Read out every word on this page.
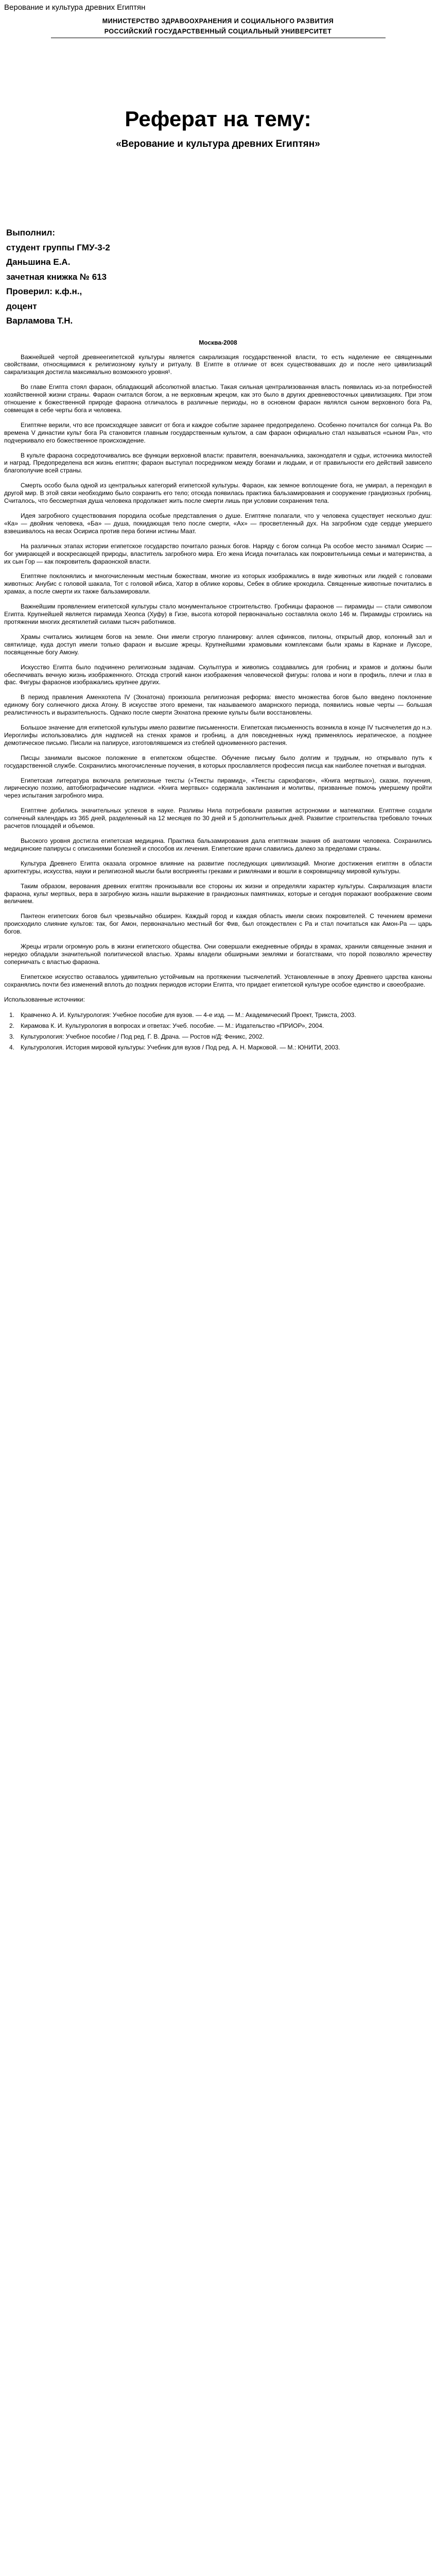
Верование и культура древних Египтян

МИНИСТЕРСТВО ЗДРАВООХРАНЕНИЯ И СОЦИАЛЬНОГО РАЗВИТИЯ
РОССИЙСКИЙ ГОСУДАРСТВЕННЫЙ СОЦИАЛЬНЫЙ УНИВЕРСИТЕТ
Реферат на тему:
«Верование и культура древних Египтян»
Выполнил:
студент группы ГМУ-3-2
Даньшина Е.А.
зачетная книжка № 613
Проверил: к.ф.н.,
доцент
Варламова Т.Н.
Москва-2008

Важнейшей чертой древнеегипетской культуры является сакрализация государственной власти, то есть наделение ее священными свойствами, относящимися к религиозному культу и ритуалу. В Египте в отличие от всех существовавших до и после него цивилизаций сакрализация достигла максимально возможного уровня¹.

Во главе Египта стоял фараон, обладающий абсолютной властью. Такая сильная централизованная власть появилась из-за потребностей хозяйственной жизни страны. Фараон считался богом, а не верховным жрецом, как это было в других древневосточных цивилизациях. При этом отношение к божественной природе фараона отличалось в различные периоды, но в основном фараон являлся сыном верховного бога Ра, совмещая в себе черты бога и человека.

Египтяне верили, что все происходящее зависит от бога и каждое событие заранее предопределено. Особенно почитался бог солнца Ра. Во времена V династии культ бога Ра становится главным государственным культом, а сам фараон официально стал называться «сыном Ра», что подчеркивало его божественное происхождение.

В культе фараона сосредоточивались все функции верховной власти: правителя, военачальника, законодателя и судьи, источника милостей и наград. Предопределена вся жизнь египтян; фараон выступал посредником между богами и людьми, и от правильности его действий зависело благополучие всей страны.

Смерть особо была одной из центральных категорий египетской культуры. Фараон, как земное воплощение бога, не умирал, а переходил в другой мир. В этой связи необходимо было сохранить его тело; отсюда появилась практика бальзамирования и сооружение грандиозных гробниц. Считалось, что бессмертная душа человека продолжает жить после смерти лишь при условии сохранения тела.

Идея загробного существования породила особые представления о душе. Египтяне полагали, что у человека существует несколько душ: «Ка» — двойник человека, «Ба» — душа, покидающая тело после смерти, «Ах» — просветленный дух. На загробном суде сердце умершего взвешивалось на весах Осириса против пера богини истины Маат.

На различных этапах истории египетское государство почитало разных богов. Наряду с богом солнца Ра особое место занимал Осирис — бог умирающей и воскресающей природы, властитель загробного мира. Его жена Исида почиталась как покровительница семьи и материнства, а их сын Гор — как покровитель фараонской власти.

Египтяне поклонялись и многочисленным местным божествам, многие из которых изображались в виде животных или людей с головами животных: Анубис с головой шакала, Тот с головой ибиса, Хатор в облике коровы, Себек в облике крокодила. Священные животные почитались в храмах, а после смерти их также бальзамировали.

Важнейшим проявлением египетской культуры стало монументальное строительство. Гробницы фараонов — пирамиды — стали символом Египта. Крупнейшей является пирамида Хеопса (Хуфу) в Гизе, высота которой первоначально составляла около 146 м. Пирамиды строились на протяжении многих десятилетий силами тысяч работников.

Храмы считались жилищем богов на земле. Они имели строгую планировку: аллея сфинксов, пилоны, открытый двор, колонный зал и святилище, куда доступ имели только фараон и высшие жрецы. Крупнейшими храмовыми комплексами были храмы в Карнаке и Луксоре, посвященные богу Амону.

Искусство Египта было подчинено религиозным задачам. Скульптура и живопись создавались для гробниц и храмов и должны были обеспечивать вечную жизнь изображенного. Отсюда строгий канон изображения человеческой фигуры: голова и ноги в профиль, плечи и глаз в фас. Фигуры фараонов изображались крупнее других.

В период правления Аменхотепа IV (Эхнатона) произошла религиозная реформа: вместо множества богов было введено поклонение единому богу солнечного диска Атону. В искусстве этого времени, так называемого амарнского периода, появились новые черты — большая реалистичность и выразительность. Однако после смерти Эхнатона прежние культы были восстановлены.

Большое значение для египетской культуры имело развитие письменности. Египетская письменность возникла в конце IV тысячелетия до н.э. Иероглифы использовались для надписей на стенах храмов и гробниц, а для повседневных нужд применялось иератическое, а позднее демотическое письмо. Писали на папирусе, изготовлявшемся из стеблей одноименного растения.

Писцы занимали высокое положение в египетском обществе. Обучение письму было долгим и трудным, но открывало путь к государственной службе. Сохранились многочисленные поучения, в которых прославляется профессия писца как наиболее почетная и выгодная.

Египетская литература включала религиозные тексты («Тексты пирамид», «Тексты саркофагов», «Книга мертвых»), сказки, поучения, лирическую поэзию, автобиографические надписи. «Книга мертвых» содержала заклинания и молитвы, призванные помочь умершему пройти через испытания загробного мира.

Египтяне добились значительных успехов в науке. Разливы Нила потребовали развития астрономии и математики. Египтяне создали солнечный календарь из 365 дней, разделенный на 12 месяцев по 30 дней и 5 дополнительных дней. Развитие строительства требовало точных расчетов площадей и объемов.

Высокого уровня достигла египетская медицина. Практика бальзамирования дала египтянам знания об анатомии человека. Сохранились медицинские папирусы с описаниями болезней и способов их лечения. Египетские врачи славились далеко за пределами страны.

Культура Древнего Египта оказала огромное влияние на развитие последующих цивилизаций. Многие достижения египтян в области архитектуры, искусства, науки и религиозной мысли были восприняты греками и римлянами и вошли в сокровищницу мировой культуры.

Таким образом, верования древних египтян пронизывали все стороны их жизни и определяли характер культуры. Сакрализация власти фараона, культ мертвых, вера в загробную жизнь нашли выражение в грандиозных памятниках, которые и сегодня поражают воображение своим величием.

Пантеон египетских богов был чрезвычайно обширен. Каждый город и каждая область имели своих покровителей. С течением времени происходило слияние культов: так, бог Амон, первоначально местный бог Фив, был отождествлен с Ра и стал почитаться как Амон-Ра — царь богов.

Жрецы играли огромную роль в жизни египетского общества. Они совершали ежедневные обряды в храмах, хранили священные знания и нередко обладали значительной политической властью. Храмы владели обширными землями и богатствами, что порой позволяло жречеству соперничать с властью фараона.

Египетское искусство оставалось удивительно устойчивым на протяжении тысячелетий. Установленные в эпоху Древнего царства каноны сохранялись почти без изменений вплоть до поздних периодов истории Египта, что придает египетской культуре особое единство и своеобразие.

Использованные источники:
1. Кравченко А. И. Культурология: Учебное пособие для вузов. — 4-е изд. — М.: Академический Проект, Трикста, 2003.
2. Кирамова К. И. Культурология в вопросах и ответах: Учеб. пособие. — М.: Издательство «ПРИОР», 2004.
3. Культурология: Учебное пособие / Под ред. Г. В. Драча. — Ростов н/Д: Феникс, 2002.
4. Культурология. История мировой культуры: Учебник для вузов / Под ред. А. Н. Марковой. — М.: ЮНИТИ, 2003.
